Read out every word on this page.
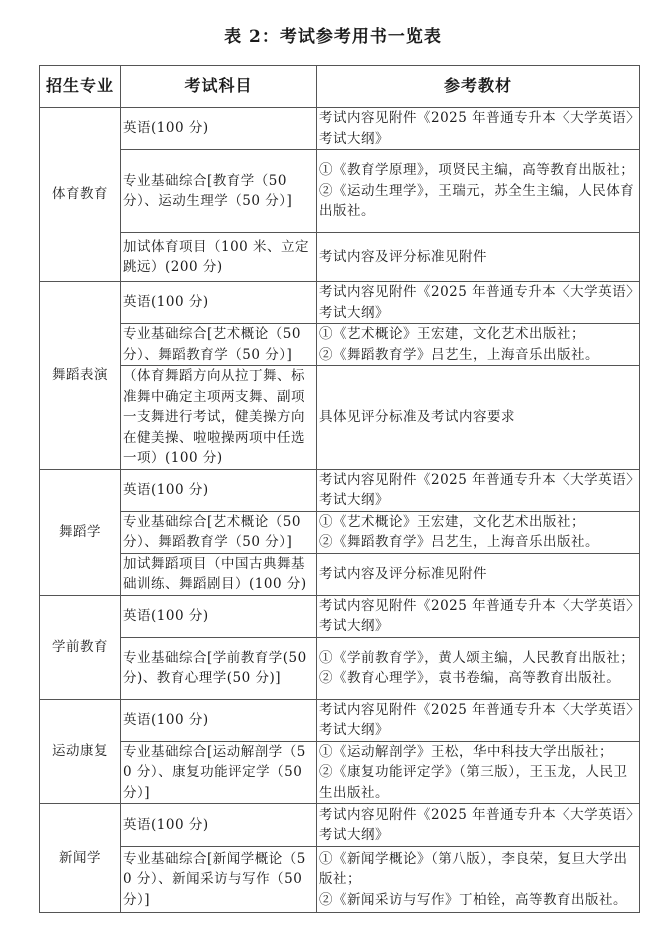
表 2：考试参考用书一览表
招生专业	考试科目	参考教材
体育教育	英语(100 分)	考试内容见附件《2025 年普通专升本〈大学英语〉考试大纲》

	专业基础综合[教育学（50 分）、运动生理学（50 分）]	①《教育学原理》，项贤民主编，高等教育出版社；
②《运动生理学》，王瑞元，苏全生主编，人民体育出版社。

	加试体育项目（100 米、立定跳远）(200 分)	考试内容及评分标准见附件

舞蹈表演	英语(100 分)	考试内容见附件《2025 年普通专升本〈大学英语〉考试大纲》

	专业基础综合[艺术概论（50 分）、舞蹈教育学（50 分）]	①《艺术概论》王宏建，文化艺术出版社；
②《舞蹈教育学》吕艺生，上海音乐出版社。

	（体育舞蹈方向从拉丁舞、标准舞中确定主项两支舞、副项一支舞进行考试，健美操方向在健美操、啦啦操两项中任选一项）(100 分)	具体见评分标准及考试内容要求

舞蹈学	英语(100 分)	考试内容见附件《2025 年普通专升本〈大学英语〉考试大纲》

	专业基础综合[艺术概论（50 分）、舞蹈教育学（50 分）]	①《艺术概论》王宏建，文化艺术出版社；
②《舞蹈教育学》吕艺生，上海音乐出版社。

	加试舞蹈项目（中国古典舞基础训练、舞蹈剧目）(100 分)	考试内容及评分标准见附件

学前教育	英语(100 分)	考试内容见附件《2025 年普通专升本〈大学英语〉考试大纲》

	专业基础综合[学前教育学(50 分)、教育心理学(50 分)]	①《学前教育学》，黄人颂主编，人民教育出版社；
②《教育心理学》，袁书卷编，高等教育出版社。

运动康复	英语(100 分)	考试内容见附件《2025 年普通专升本〈大学英语〉考试大纲》

	专业基础综合[运动解剖学（50 分）、康复功能评定学（50 分）]	①《运动解剖学》王松，华中科技大学出版社；
②《康复功能评定学》（第三版），王玉龙，人民卫生出版社。

新闻学	英语(100 分)	考试内容见附件《2025 年普通专升本〈大学英语〉考试大纲》

	专业基础综合[新闻学概论（50 分）、新闻采访与写作（50 分）]	①《新闻学概论》（第八版），李良荣，复旦大学出版社；
②《新闻采访与写作》丁柏铨，高等教育出版社。
